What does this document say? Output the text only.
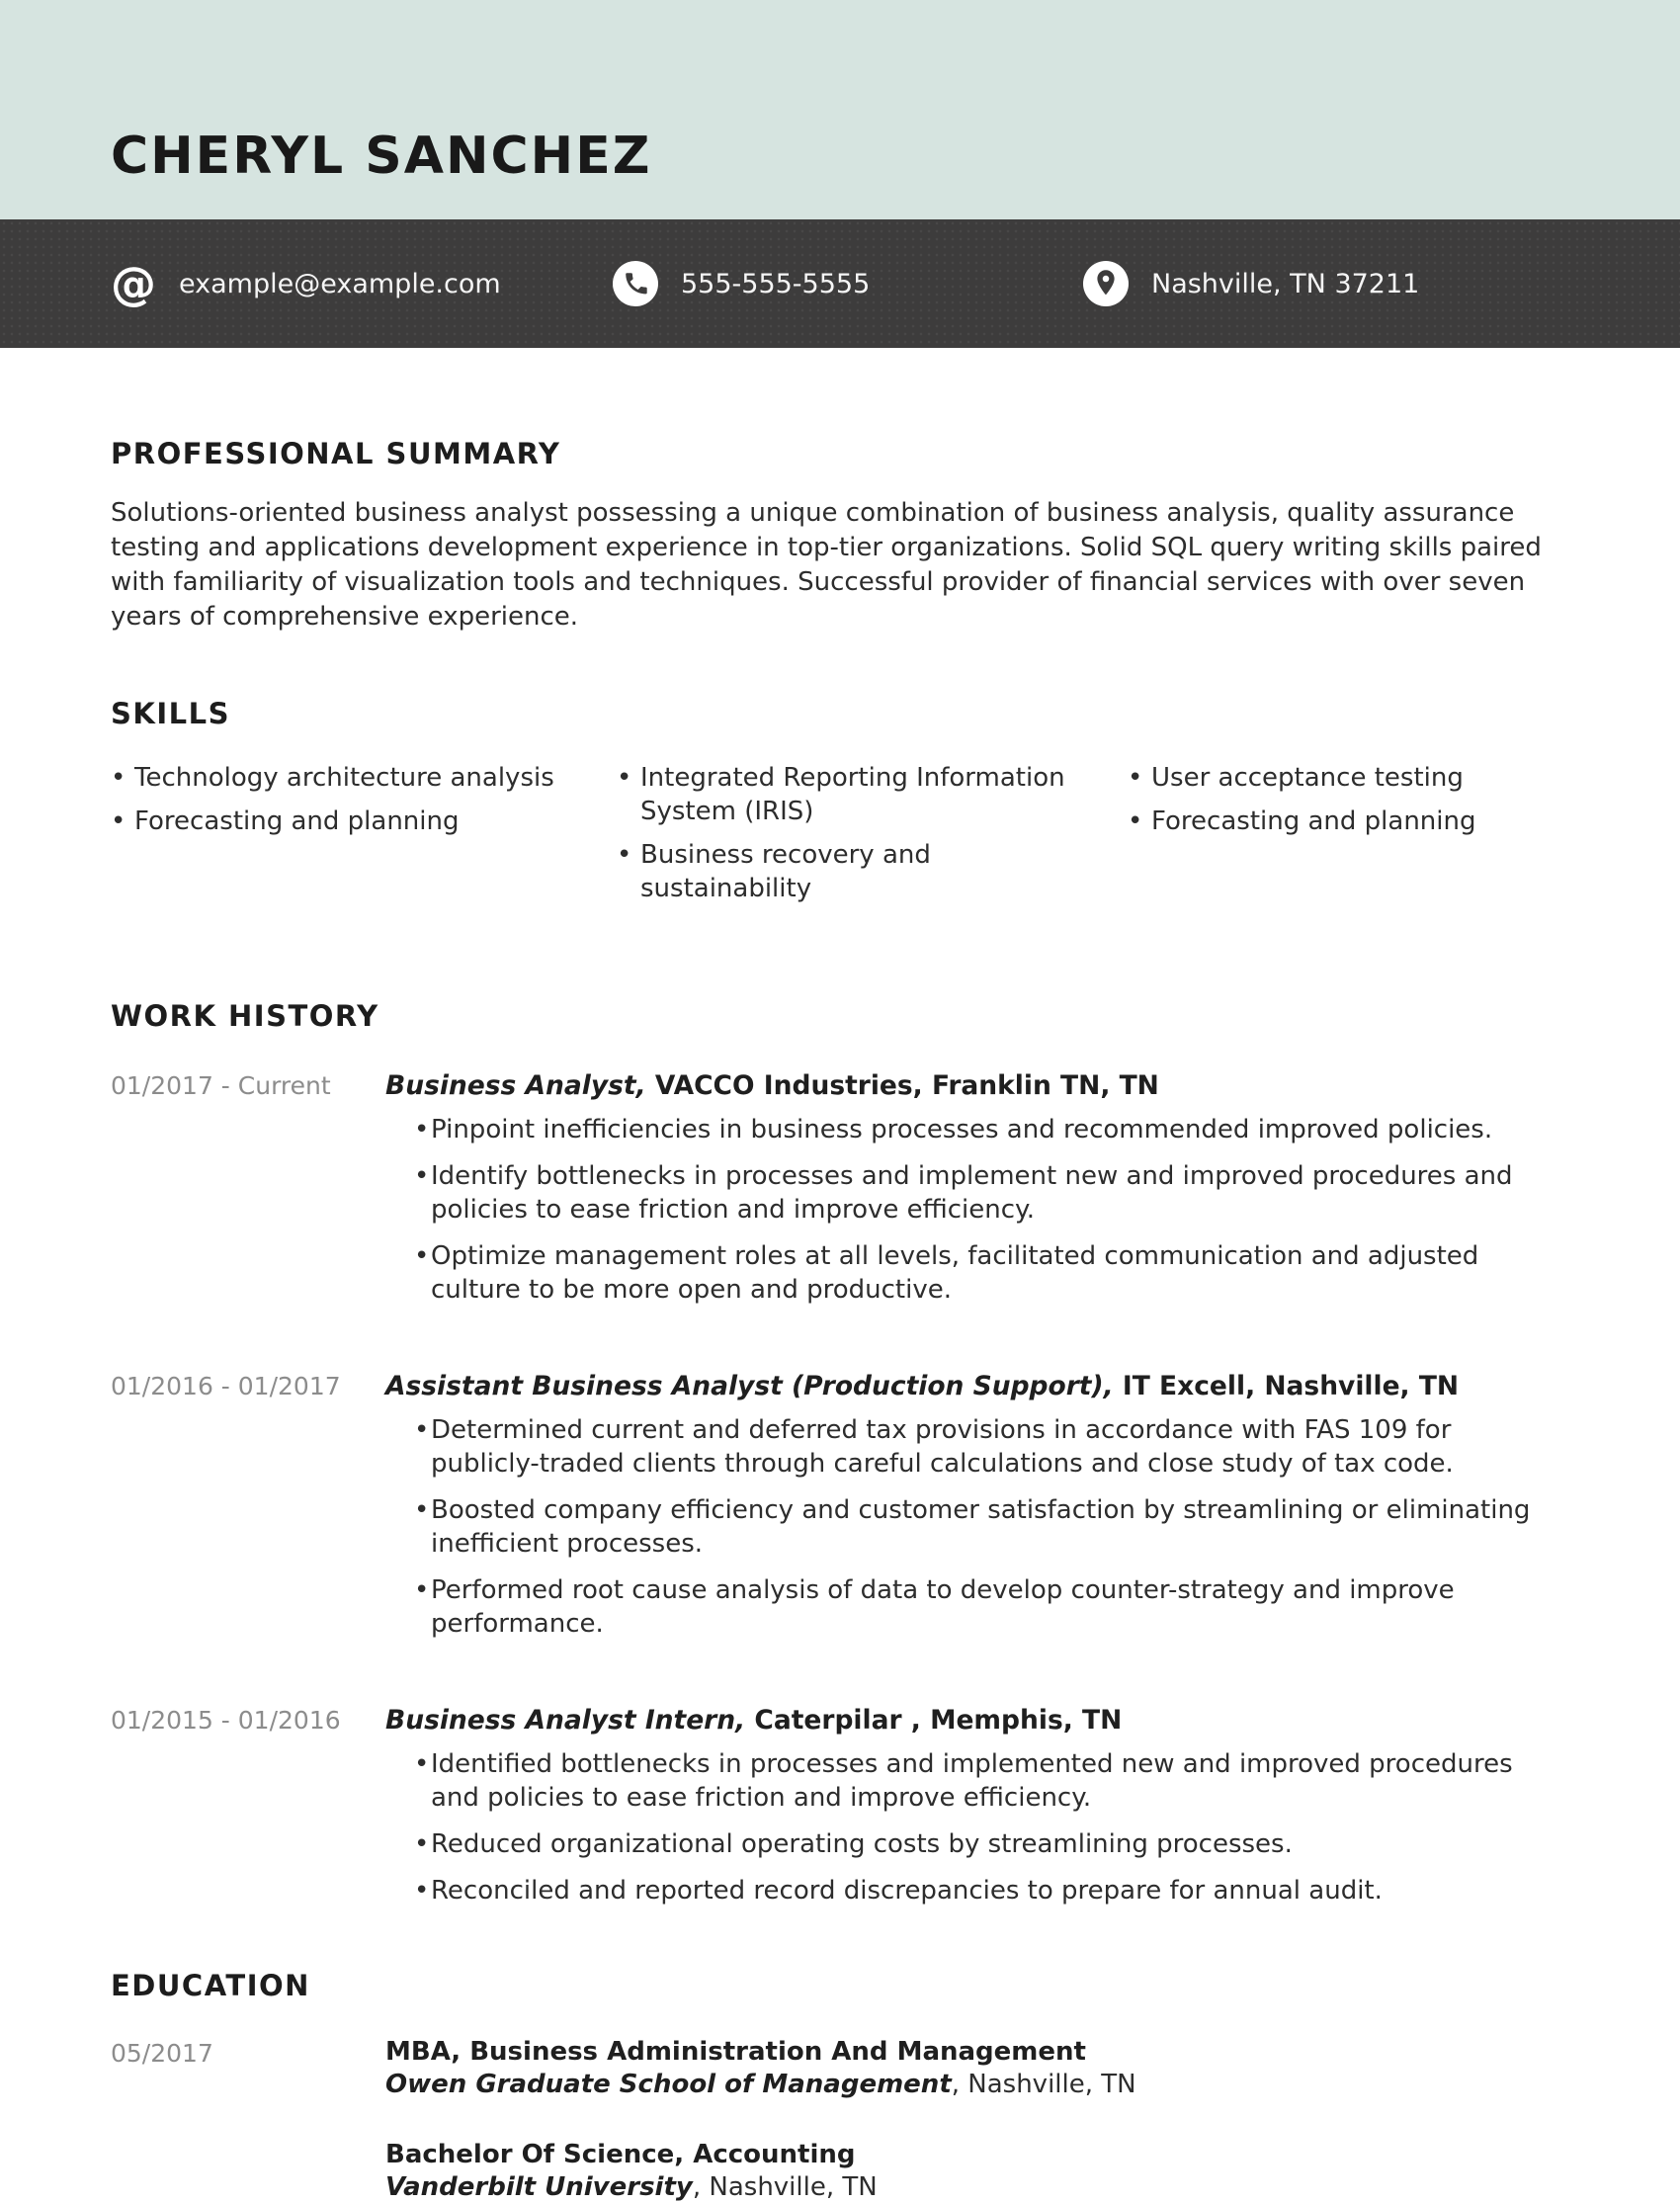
CHERYL SANCHEZ
@ example@example.com	555-555-5555	Nashville, TN 37211
PROFESSIONAL SUMMARY

Solutions-oriented business analyst possessing a unique combination of business analysis, quality assurance testing and applications development experience in top-tier organizations. Solid SQL query writing skills paired with familiarity of visualization tools and techniques. Successful provider of financial services with over seven years of comprehensive experience.

SKILLS
• Technology architecture analysis
• Forecasting and planning
• Integrated Reporting Information System (IRIS)
• Business recovery and sustainability
• User acceptance testing
• Forecasting and planning
WORK HISTORY
01/2017 - Current	Business Analyst, VACCO Industries, Franklin TN, TN

• Pinpoint inefficiencies in business processes and recommended improved policies.
• Identify bottlenecks in processes and implement new and improved procedures and policies to ease friction and improve efficiency.
• Optimize management roles at all levels, facilitated communication and adjusted culture to be more open and productive.
01/2016 - 01/2017	Assistant Business Analyst (Production Support), IT Excell, Nashville, TN

• Determined current and deferred tax provisions in accordance with FAS 109 for publicly-traded clients through careful calculations and close study of tax code.
• Boosted company efficiency and customer satisfaction by streamlining or eliminating inefficient processes.
• Performed root cause analysis of data to develop counter-strategy and improve performance.
01/2015 - 01/2016	Business Analyst Intern, Caterpilar , Memphis, TN

• Identified bottlenecks in processes and implemented new and improved procedures and policies to ease friction and improve efficiency.
• Reduced organizational operating costs by streamlining processes.
• Reconciled and reported record discrepancies to prepare for annual audit.
EDUCATION
05/2017	MBA, Business Administration And Management
Owen Graduate School of Management, Nashville, TN
Bachelor Of Science, Accounting
Vanderbilt University, Nashville, TN
